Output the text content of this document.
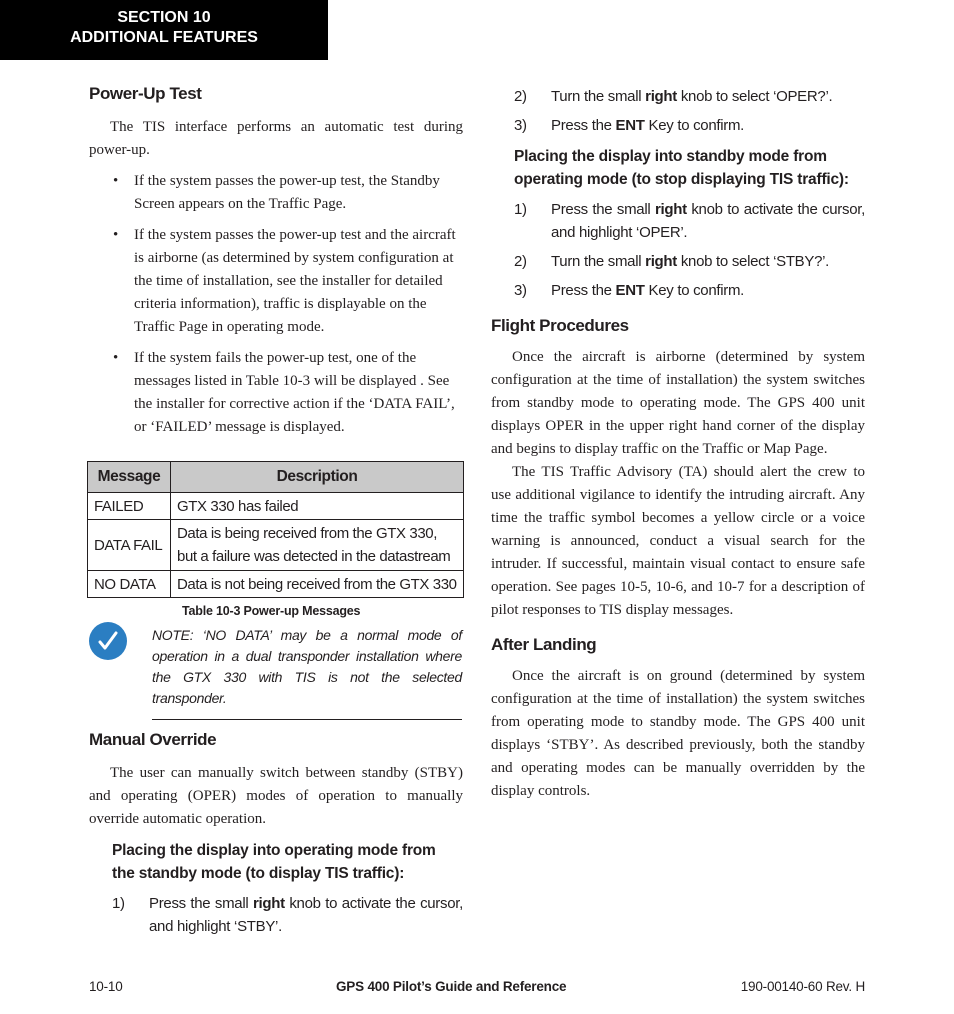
SECTION 10
ADDITIONAL FEATURES
Power-Up Test

The TIS interface performs an automatic test during power-up.

• If the system passes the power-up test, the Standby Screen appears on the Traffic Page.
• If the system passes the power-up test and the aircraft is airborne (as determined by system configuration at the time of installation, see the installer for detailed criteria information), traffic is displayable on the Traffic Page in operating mode.
• If the system fails the power-up test, one of the messages listed in Table 10-3 will be displayed . See the installer for corrective action if the ‘DATA FAIL’, or ‘FAILED’ message is displayed.
Message	Description
FAILED	GTX 330 has failed
DATA FAIL	Data is being received from the GTX 330, but a failure was detected in the datastream
NO DATA	Data is not being received from the GTX 330
Table 10-3 Power-up Messages
NOTE: ‘NO DATA’ may be a normal mode of operation in a dual transponder installation where the GTX 330 with TIS is not the selected transponder.
Manual Override

The user can manually switch between standby (STBY) and operating (OPER) modes of operation to manually override automatic operation.

Placing the display into operating mode from the standby mode (to display TIS traffic):
1) Press the small right knob to activate the cursor, and highlight ‘STBY’.
2) Turn the small right knob to select ‘OPER?’.
3) Press the ENT Key to confirm.
Placing the display into standby mode from operating mode (to stop displaying TIS traffic):
1) Press the small right knob to activate the cursor, and highlight ‘OPER’.
2) Turn the small right knob to select ‘STBY?’.
3) Press the ENT Key to confirm.
Flight Procedures

Once the aircraft is airborne (determined by system configuration at the time of installation) the system switches from standby mode to operating mode. The GPS 400 unit displays OPER in the upper right hand corner of the display and begins to display traffic on the Traffic or Map Page.

The TIS Traffic Advisory (TA) should alert the crew to use additional vigilance to identify the intruding aircraft. Any time the traffic symbol becomes a yellow circle or a voice warning is announced, conduct a visual search for the intruder. If successful, maintain visual contact to ensure safe operation. See pages 10-5, 10-6, and 10-7 for a description of pilot responses to TIS display messages.

After Landing

Once the aircraft is on ground (determined by system configuration at the time of installation) the system switches from operating mode to standby mode. The GPS 400 unit displays ‘STBY’. As described previously, both the standby and operating modes can be manually overridden by the display controls.

10-10	GPS 400 Pilot’s Guide and Reference	190-00140-60 Rev. H
